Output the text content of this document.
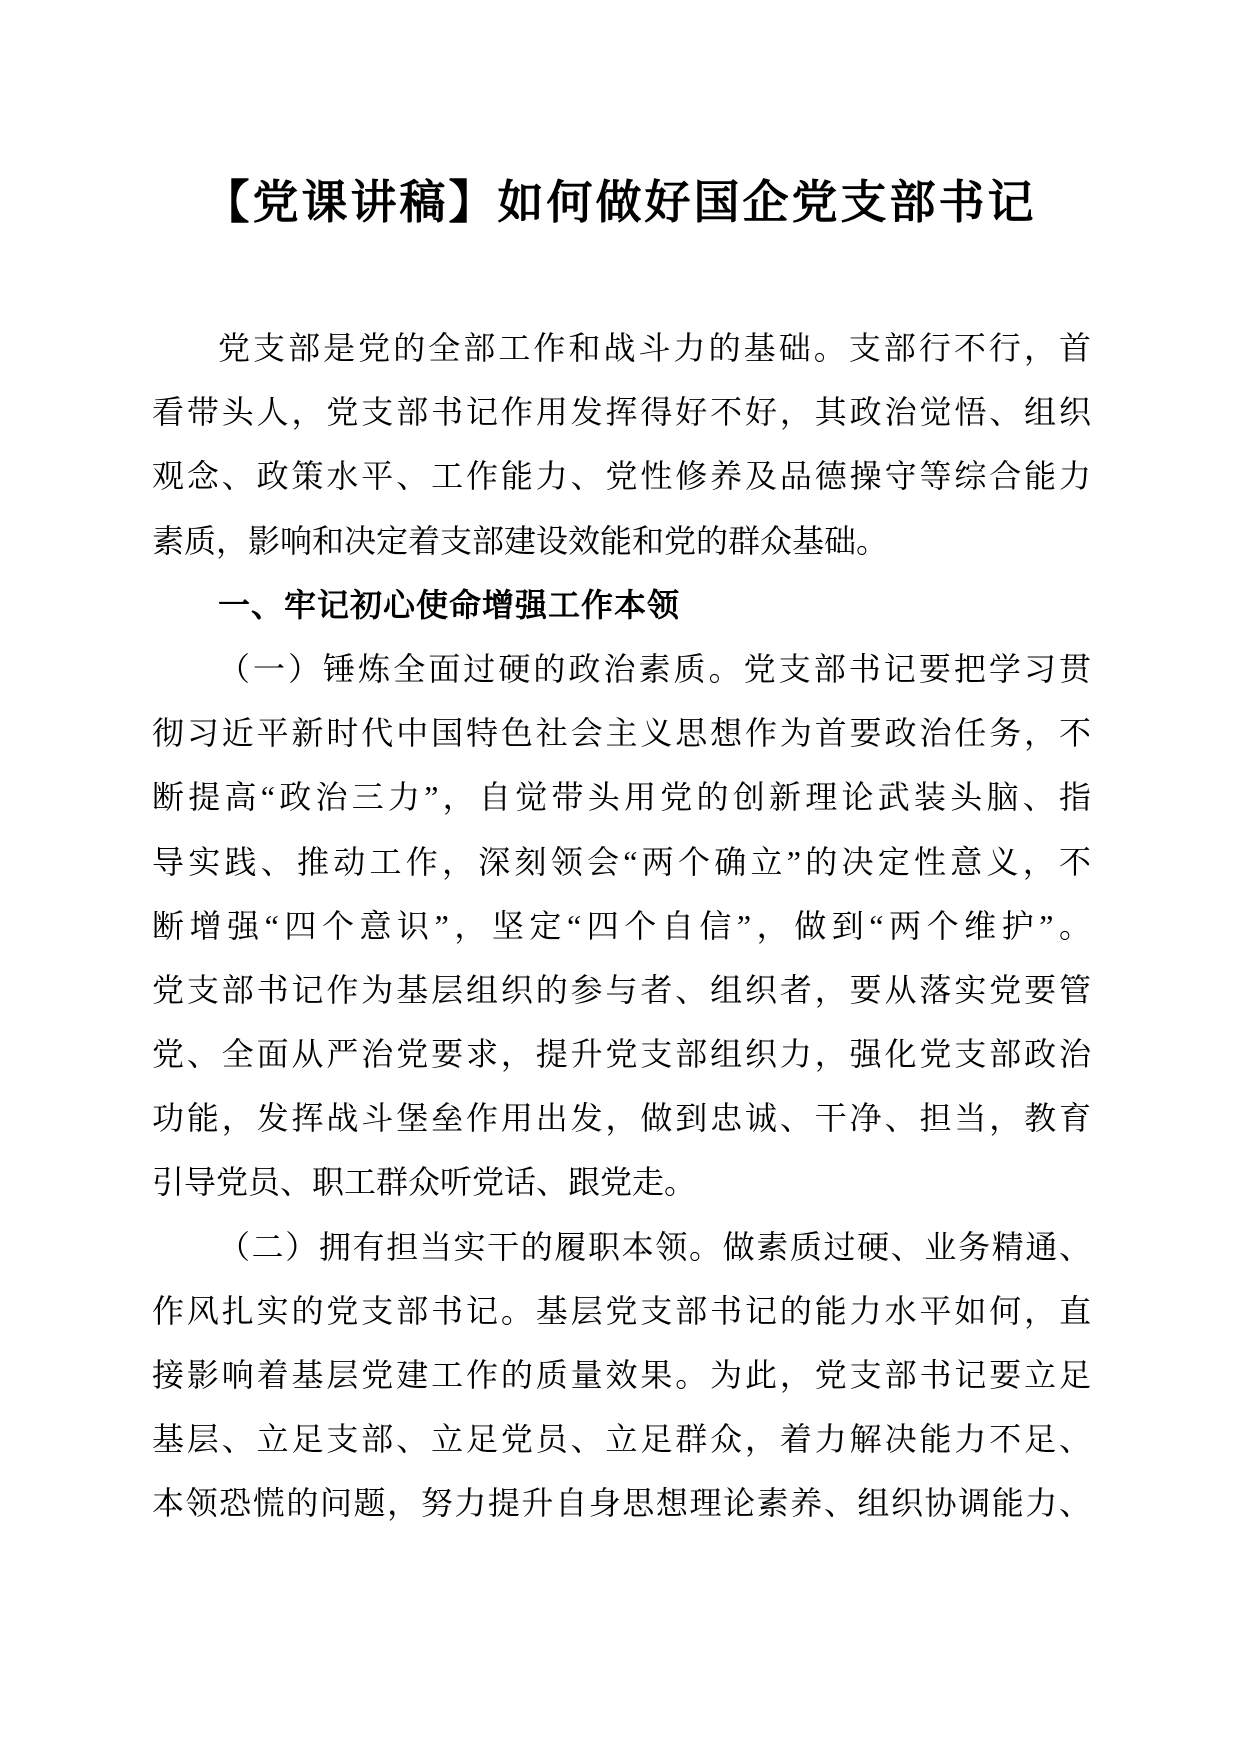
【党课讲稿】如何做好国企党支部书记
党支部是党的全部工作和战斗力的基础。支部行不行，首
看带头人，党支部书记作用发挥得好不好，其政治觉悟、组织
观念、政策水平、工作能力、党性修养及品德操守等综合能力
素质，影响和决定着支部建设效能和党的群众基础。
一、牢记初心使命增强工作本领
（一）锤炼全面过硬的政治素质。党支部书记要把学习贯
彻习近平新时代中国特色社会主义思想作为首要政治任务，不
断提高“政治三力”，自觉带头用党的创新理论武装头脑、指
导实践、推动工作，深刻领会“两个确立”的决定性意义，不
断增强“四个意识”，坚定“四个自信”，做到“两个维护”。
党支部书记作为基层组织的参与者、组织者，要从落实党要管
党、全面从严治党要求，提升党支部组织力，强化党支部政治
功能，发挥战斗堡垒作用出发，做到忠诚、干净、担当，教育
引导党员、职工群众听党话、跟党走。
（二）拥有担当实干的履职本领。做素质过硬、业务精通、
作风扎实的党支部书记。基层党支部书记的能力水平如何，直
接影响着基层党建工作的质量效果。为此，党支部书记要立足
基层、立足支部、立足党员、立足群众，着力解决能力不足、
本领恐慌的问题，努力提升自身思想理论素养、组织协调能力、
